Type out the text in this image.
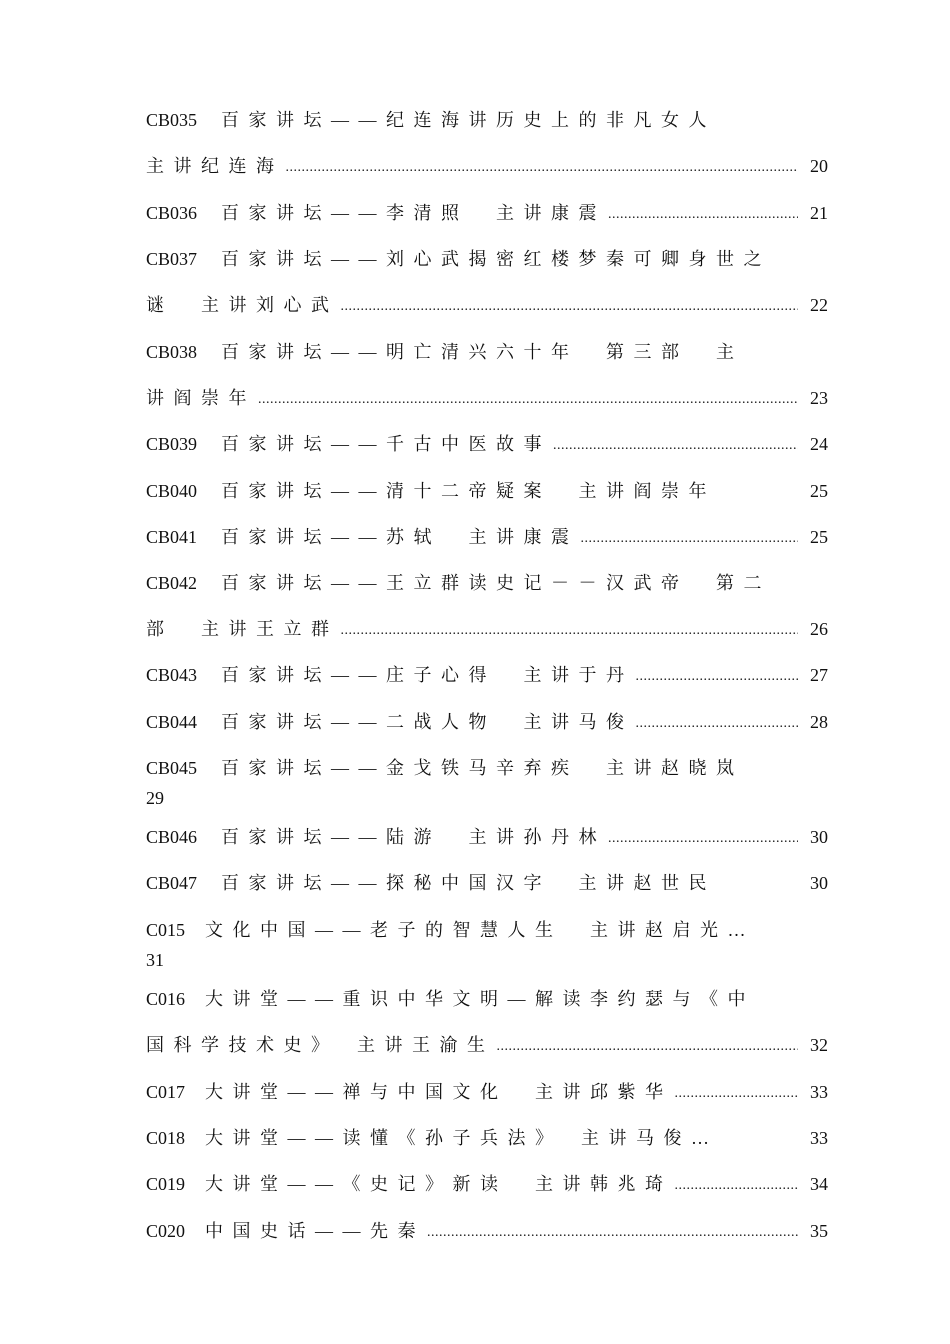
CB035 百家讲坛——纪连海讲历史上的非凡女人
主讲纪连海 .....	20
CB036 百家讲坛——李清照　主讲康震 .....	21
CB037 百家讲坛——刘心武揭密红楼梦秦可卿身世之
谜　主讲刘心武 .....	22
CB038 百家讲坛——明亡清兴六十年　第三部　主
讲阎崇年 .....	23
CB039 百家讲坛——千古中医故事 .....	24
CB040 百家讲坛——清十二帝疑案　主讲阎崇年	25
CB041 百家讲坛——苏轼　主讲康震 .....	25
CB042 百家讲坛——王立群读史记－－汉武帝　第二
部　主讲王立群 .....	26
CB043 百家讲坛——庄子心得　主讲于丹 .....	27
CB044 百家讲坛——二战人物　主讲马俊 .....	28
CB045 百家讲坛——金戈铁马辛弃疾　主讲赵晓岚
29
CB046 百家讲坛——陆游　主讲孙丹林 .....	30
CB047 百家讲坛——探秘中国汉字　主讲赵世民	30
C015 文化中国——老子的智慧人生　主讲赵启光…
31
C016 大讲堂——重识中华文明—解读李约瑟与《中
国科学技术史》　主讲王渝生 .....	32
C017 大讲堂——禅与中国文化　主讲邱紫华 .....	33
C018 大讲堂——读懂《孙子兵法》　主讲马俊…	33
C019 大讲堂——《史记》新读　主讲韩兆琦 .....	34
C020 中国史话——先秦 .....	35
